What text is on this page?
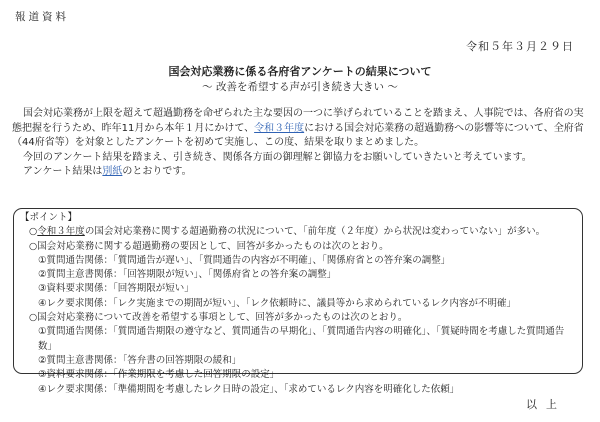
報道資料
令和５年３月２９日
国会対応業務に係る各府省アンケートの結果について
～ 改善を希望する声が引き続き大きい ～

国会対応業務が上限を超えて超過勤務を命ぜられた主な要因の一つに挙げられていることを踏まえ、人事院では、各府省の実態把握を行うため、昨年11月から本年１月にかけて、令和３年度における国会対応業務の超過勤務への影響等について、全府省（44府省等）を対象としたアンケートを初めて実施し、この度、結果を取りまとめました。

今回のアンケート結果を踏まえ、引き続き、関係各方面の御理解と御協力をお願いしていきたいと考えています。

アンケート結果は別紙のとおりです。

【ポイント】
○令和３年度の国会対応業務に関する超過勤務の状況について、「前年度（２年度）から状況は変わっていない」が多い。
○国会対応業務に関する超過勤務の要因として、回答が多かったものは次のとおり。
①質問通告関係：「質問通告が遅い」、「質問通告の内容が不明確」、「関係府省との答弁案の調整」
②質問主意書関係：「回答期限が短い」、「関係府省との答弁案の調整」
③資料要求関係：「回答期限が短い」
④レク要求関係：「レク実施までの期間が短い」、「レク依頼時に、議員等から求められているレク内容が不明確」
○国会対応業務について改善を希望する事項として、回答が多かったものは次のとおり。
①質問通告関係：「質問通告期限の遵守など、質問通告の早期化」、「質問通告内容の明確化」、「質疑時間を考慮した質問通告数」
②質問主意書関係：「答弁書の回答期限の緩和」
③資料要求関係：「作業期限を考慮した回答期限の設定」
④レク要求関係：「準備期間を考慮したレク日時の設定」、「求めているレク内容を明確化した依頼」
以上
